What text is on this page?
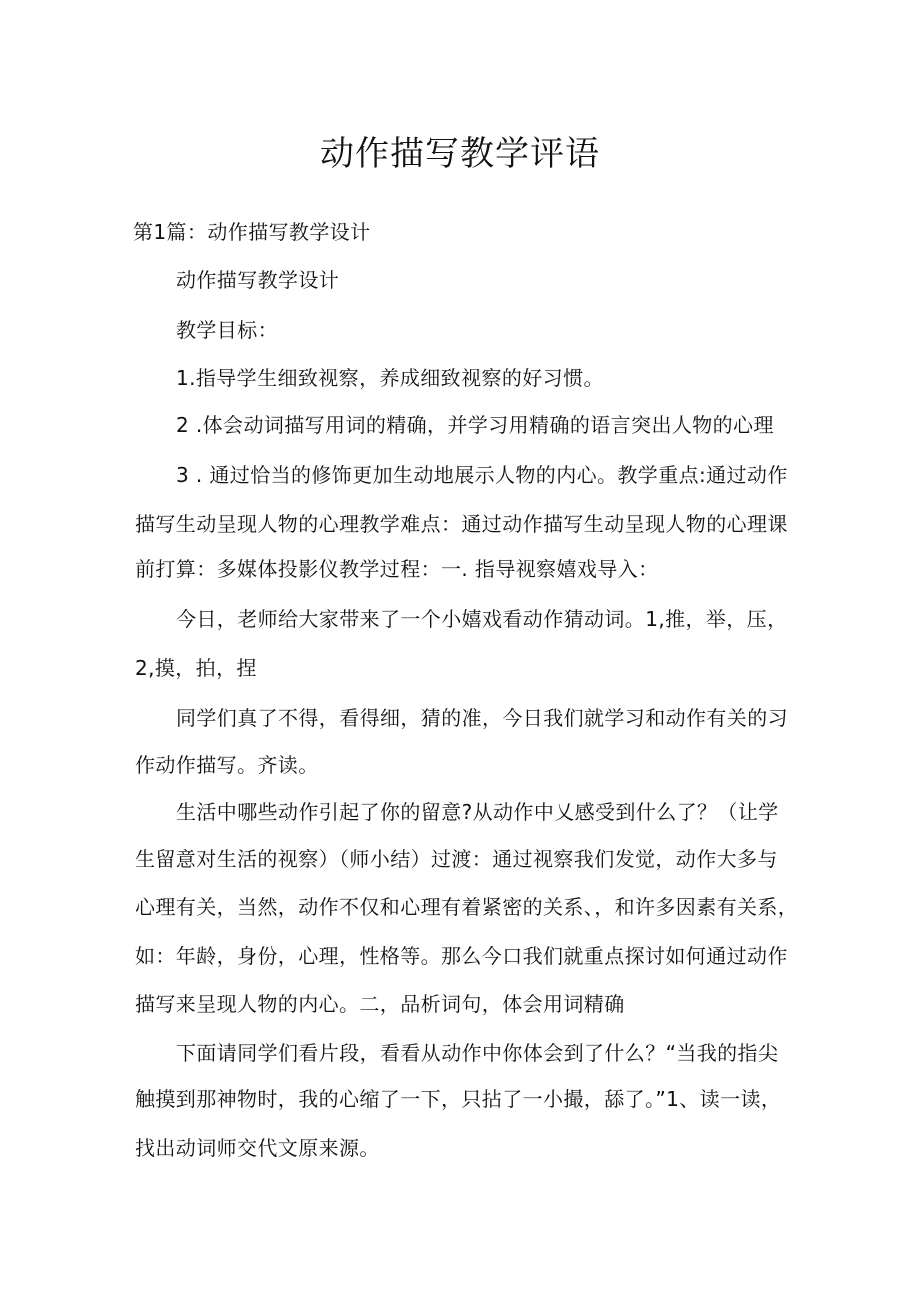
动作描写教学评语
第1篇：动作描写教学设计
动作描写教学设计
教学目标：
1.指导学生细致视察，养成细致视察的好习惯。
2 .体会动词描写用词的精确，并学习用精确的语言突出人物的心理
3 . 通过恰当的修饰更加生动地展示人物的内心。教学重点:通过动作
描写生动呈现人物的心理教学难点：通过动作描写生动呈现人物的心理课
前打算：多媒体投影仪教学过程：一. 指导视察嬉戏导入：
今日，老师给大家带来了一个小嬉戏看动作猜动词。1,推，举，压，
2,摸，拍，捏
同学们真了不得，看得细，猜的准，今日我们就学习和动作有关的习
作动作描写。齐读。
生活中哪些动作引起了你的留意?从动作中乂感受到什么了？（让学
生留意对生活的视察）（师小结）过渡：通过视察我们发觉，动作大多与
心理有关，当然，动作不仅和心理有着紧密的关系、，和许多因素有关系，
如：年龄，身份，心理，性格等。那么今口我们就重点探讨如何通过动作
描写来呈现人物的内心。二，品析词句，体会用词精确
下面请同学们看片段，看看从动作中你体会到了什么？“当我的指尖
触摸到那神物时，我的心缩了一下，只拈了一小撮，舔了。”1、读一读，
找出动词师交代文原来源。
